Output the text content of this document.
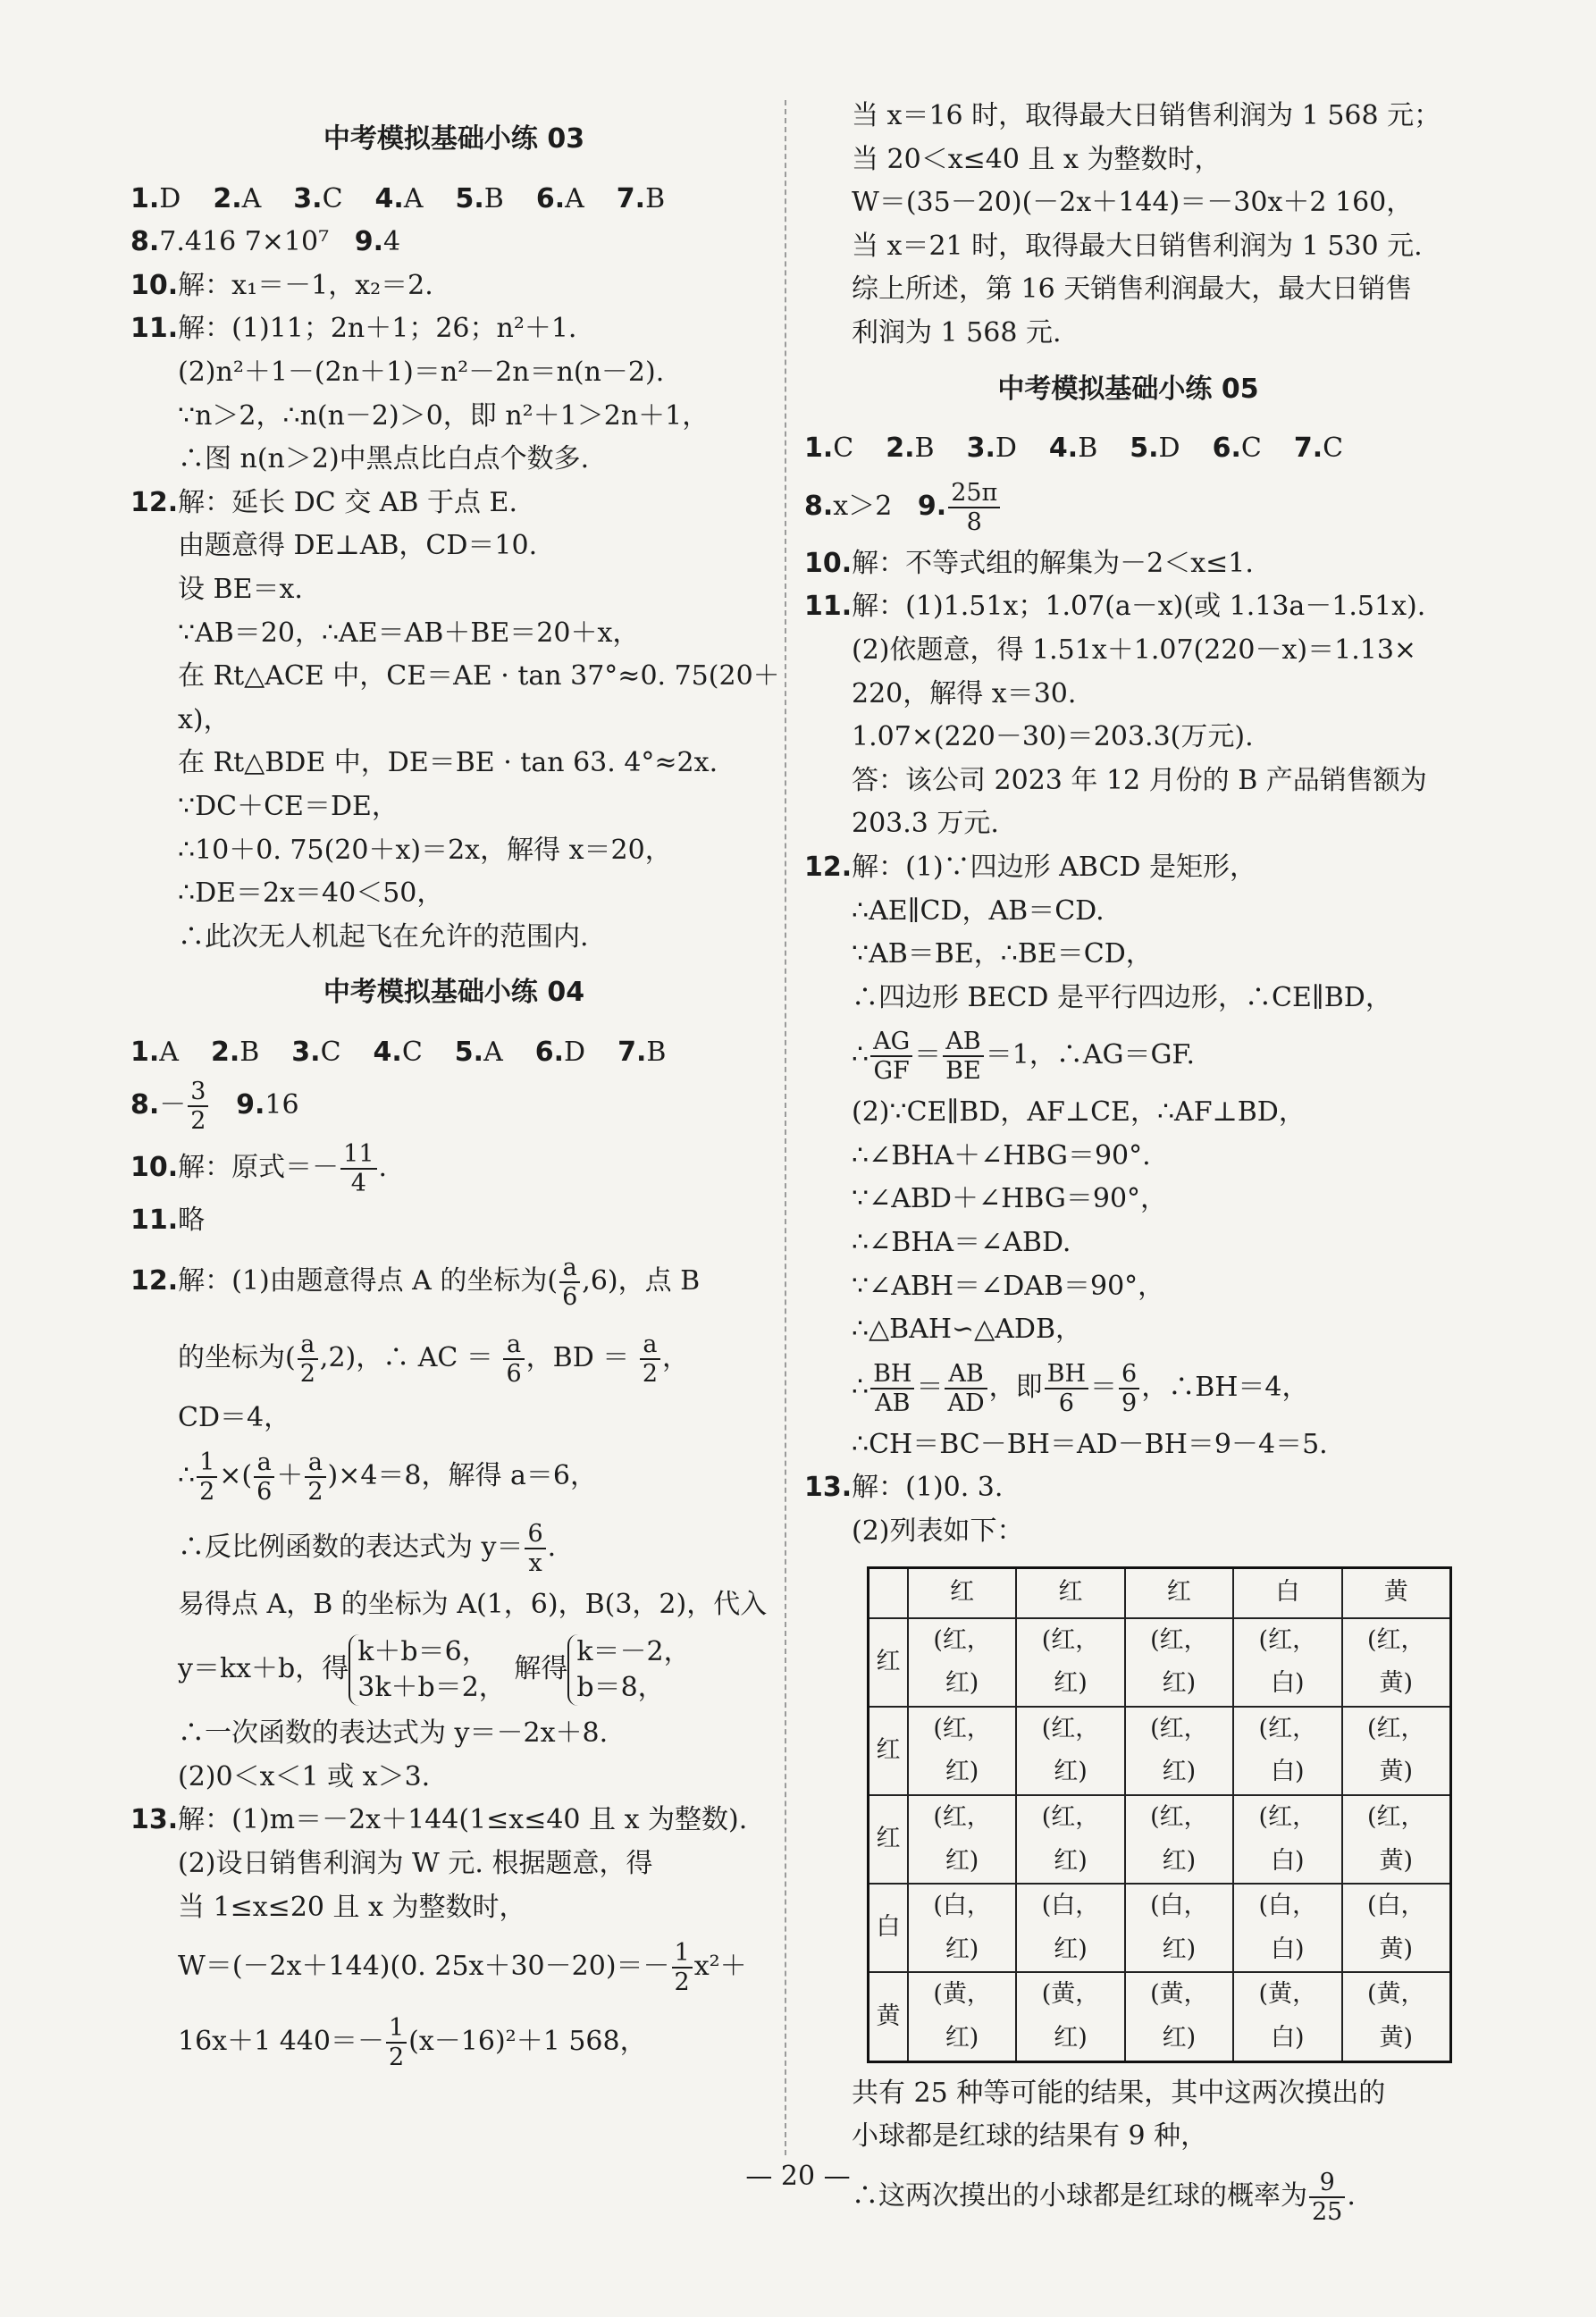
中考模拟基础小练 03
1.D 2.A 3.C 4.A 5.B 6.A 7.B
8.7.416 7×10⁷ 9.4
10.解：x₁＝－1，x₂＝2.
11.解：(1)11；2n＋1；26；n²＋1.
(2)n²＋1－(2n＋1)＝n²－2n＝n(n－2).
∵n＞2，∴n(n－2)＞0，即 n²＋1＞2n＋1，
∴图 n(n＞2)中黑点比白点个数多.
12.解：延长 DC 交 AB 于点 E.
由题意得 DE⊥AB，CD＝10.
设 BE＝x.
∵AB＝20，∴AE＝AB＋BE＝20＋x，
在 Rt△ACE 中，CE＝AE · tan 37°≈0. 75(20＋
x)，
在 Rt△BDE 中，DE＝BE · tan 63. 4°≈2x.
∵DC＋CE＝DE，
∴10＋0. 75(20＋x)＝2x，解得 x＝20，
∴DE＝2x＝40＜50，
∴此次无人机起飞在允许的范围内.
中考模拟基础小练 04
1.A 2.B 3.C 4.C 5.A 6.D 7.B
$8.- \frac{3}{2} 9.16$
10.解：原式＝－ $\frac{11}{4}$ .
11.略
12.解：(1)由题意得点 A 的坐标为( $\frac{a}{6} ,6$)，点 B
的坐标为( $\frac{a}{2} ,2$)，∴ AC ＝ $\frac{a}{6}$ ，BD ＝ $\frac{a}{2}$ ，
CD＝4，
∴ $\frac{1}{2}$ ×( $\frac{a}{6} + \frac{a}{2} )\times 4=8$，解得 a＝6，
∴反比例函数的表达式为 $y= \frac{6}{x}$ .
易得点 A，B 的坐标为 A(1，6)，B(3，2)，代入
y＝kx＋b，得
k＋b＝6，
3k＋b＝2，
解得
k＝－2，
b＝8，
∴一次函数的表达式为 y＝－2x＋8.
(2)0＜x＜1 或 x＞3.
13.解：(1)m＝－2x＋144(1≤x≤40 且 x 为整数).
(2)设日销售利润为 W 元. 根据题意，得
当 1≤x≤20 且 x 为整数时，
W＝(－2x＋144)(0. $25x+30-20)=- \frac{1}{2} x^2+$
16x＋1 $440=- \frac{1}{2} (x-16)^2+1$ 568，
当 x＝16 时，取得最大日销售利润为 1 568 元；
当 20＜x≤40 且 x 为整数时，
W＝(35－20)(－2x＋144)＝－30x＋2 160，
当 x＝21 时，取得最大日销售利润为 1 530 元.
综上所述，第 16 天销售利润最大，最大日销售
利润为 1 568 元.
中考模拟基础小练 05
1.C 2.B 3.D 4.B 5.D 6.C 7.C
8.x＞2 9. $\frac{25\pi}{8}$
10.解：不等式组的解集为－2＜x≤1.
11.解：(1)1.51x；1.07(a－x)(或 1.13a－1.51x).
(2)依题意，得 1.51x＋1.07(220－x)＝1.13×
220，解得 x＝30.
1.07×(220－30)＝203.3(万元).
答：该公司 2023 年 12 月份的 B 产品销售额为
203.3 万元.
12.解：(1)∵四边形 ABCD 是矩形，
∴AE∥CD，AB＝CD.
∵AB＝BE，∴BE＝CD，
∴四边形 BECD 是平行四边形，∴CE∥BD，
∴ $\frac{AG}{GF} = \frac{AB}{BE} =1$，∴AG＝GF.
(2)∵CE∥BD，AF⊥CE，∴AF⊥BD，
∴∠BHA＋∠HBG＝90°.
∵∠ABD＋∠HBG＝90°，
∴∠BHA＝∠ABD.
∵∠ABH＝∠DAB＝90°，
∴△BAH∽△ADB，
∴ $\frac{BH}{AB} = \frac{AB}{AD}$ ，即 $\frac{BH}{6} = \frac{6}{9}$ ，∴BH＝4，
∴CH＝BC－BH＝AD－BH＝9－4＝5.
13.解：(1)0. 3.
(2)列表如下：
	红	红	红	白	黄
红	(红，红)	(红，红)	(红，红)	(红，白)	(红，黄)
红	(红，红)	(红，红)	(红，红)	(红，白)	(红，黄)
红	(红，红)	(红，红)	(红，红)	(红，白)	(红，黄)
白	(白，红)	(白，红)	(白，红)	(白，白)	(白，黄)
黄	(黄，红)	(黄，红)	(黄，红)	(黄，白)	(黄，黄)
共有 25 种等可能的结果，其中这两次摸出的
小球都是红球的结果有 9 种，
∴这两次摸出的小球都是红球的概率为 $\frac{9}{25}$ .
— 20 —
